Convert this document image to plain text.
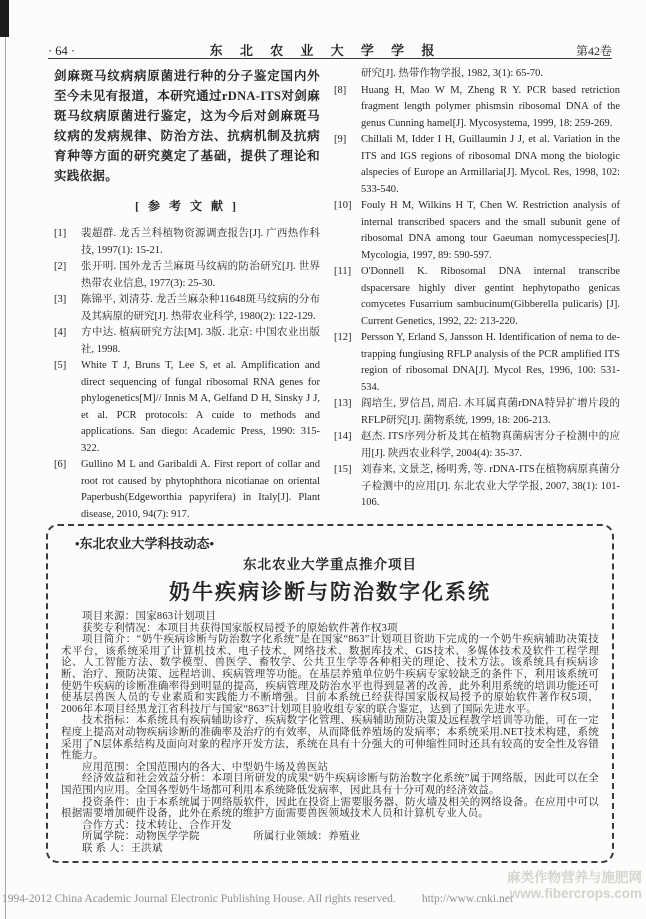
· 64 ·	东 北 农 业 大 学 学 报	第42卷

剑麻斑马纹病病原菌进行种的分子鉴定国内外至今未见有报道，本研究通过rDNA-ITS对剑麻斑马纹病原菌进行鉴定，这为今后对剑麻斑马纹病的发病规律、防治方法、抗病机制及抗病育种等方面的研究奠定了基础，提供了理论和实践依据。

[ 参 考 文 献 ]
[1]	裴超群. 龙舌兰科植物资源调查报告[J]. 广西热作科技, 1997(1): 15-21.
[2]	张开明. 国外龙舌兰麻斑马纹病的防治研究[J]. 世界热带农业信息, 1977(3): 25-30.
[3]	陈锦平, 刘清芬. 龙舌兰麻杂种11648斑马纹病的分布及其病原的研究[J]. 热带农业科学, 1980(2): 122-129.
[4]	方中达. 植病研究方法[M]. 3版. 北京: 中国农业出版社, 1998.
[5]	White T J, Bruns T, Lee S, et al. Amplification and direct sequencing of fungal ribosomal RNA genes for phylogenetics[M]// Innis M A, Gelfand D H, Sinsky J J, et al. PCR protocols: A cuide to methods and applications. San diego: Academic Press, 1990: 315-322.
[6]	Gullino M L and Garibaldi A. First report of collar and root rot caused by phytophthora nicotianae on oriental Paperbush(Edgeworthia papyrifera) in Italy[J]. Plant disease, 2010, 94(7): 917.

研究[J]. 热带作物学报, 1982, 3(1): 65-70.

[8]	Huang H, Mao W M, Zheng R Y. PCR based retriction fragment length polymer phismsin ribosomal DNA of the genus Cunning hamel[J]. Mycosystema, 1999, 18: 259-269.
[9]	Chillali M, Idder I H, Guillaumin J J, et al. Variation in the ITS and IGS regions of ribosomal DNA mong the biologic alspecies of Europe an Armillaria[J]. Mycol. Res, 1998, 102: 533-540.
[10] Fouly H M, Wilkins H T, Chen W. Restriction analysis of internal transcribed spacers and the small subunit gene of ribosomal DNA among tour Gaeuman nomycesspecies[J]. Mycologia, 1997, 89: 590-597.
[11] O'Donnell K. Ribosomal DNA internal transcribe dspacersare highly diver gentint hephytopatho genicas comycetes Fusarrium sambucinum(Gibberella pulicaris) [J]. Current Genetics, 1992, 22: 213-220.
[12] Persson Y, Erland S, Jansson H. Identification of nema to de-trapping fungiusing RFLP analysis of the PCR amplified ITS region of ribosomal DNA[J]. Mycol Res, 1996, 100: 531-534.
[13] 阎培生, 罗信昌, 周启. 木耳属真菌rDNA特异扩增片段的RFLP研究[J]. 菌物系统, 1999, 18: 206-213.
[14] 赵杰. ITS序列分析及其在植物真菌病害分子检测中的应用[J]. 陕西农业科学, 2004(4): 35-37.
[15] 刘春来, 文景芝, 杨明秀, 等. rDNA-ITS在植物病原真菌分子检测中的应用[J]. 东北农业大学学报, 2007, 38(1): 101-106.
•东北农业大学科技动态•
东北农业大学重点推介项目
奶牛疾病诊断与防治数字化系统

项目来源：国家863计划项目

获奖专利情况：本项目共获得国家版权局授予的原始软件著作权3项

项目简介：“奶牛疾病诊断与防治数字化系统”是在国家“863”计划项目资助下完成的一个奶牛疾病辅助决策技术平台，该系统采用了计算机技术、电子技术、网络技术、数据库技术、GIS技术、多媒体技术及软件工程学理论、人工智能方法、数学模型、兽医学、畜牧学、公共卫生学等各种相关的理论、技术方法。该系统具有疾病诊断、治疗、预防决策、远程培训、疾病管理等功能。在基层养殖单位奶牛疾病专家较缺乏的条件下，利用该系统可使奶牛疾病的诊断准确率得到明显的提高，疾病管理及防治水平也得到显著的改善，此外利用系统的培训功能还可使基层兽医人员的专业素质和实践能力不断增强。目前本系统已经获得国家版权局授予的原始软件著作权5项，2006年本项目经黑龙江省科技厅与国家“863”计划项目验收组专家的联合鉴定，达到了国际先进水平。

技术指标：本系统具有疾病辅助诊疗、疾病数字化管理、疾病辅助预防决策及远程教学培训等功能，可在一定程度上提高对动物疾病诊断的准确率及治疗的有效率，从而降低养殖场的发病率；本系统采用.NET技术构建，系统采用了N层体系结构及面向对象的程序开发方法，系统在具有十分强大的可伸缩性同时还具有较高的安全性及容错性能力。

应用范围：全国范围内的各大、中型奶牛场及兽医站

经济效益和社会效益分析：本项目所研发的成果“奶牛疾病诊断与防治数字化系统”属于网络版，因此可以在全国范围内应用。全国各型奶牛场都可利用本系统降低发病率，因此具有十分可观的经济效益。

投资条件：由于本系统属于网络版软件，因此在投资上需要服务器、防火墙及相关的网络设备。在应用中可以根据需要增加硬件设备，此外在系统的维护方面需要兽医领域技术人员和计算机专业人员。

合作方式：技术转让、合作开发

所属学院：动物医学学院　　　　　所属行业领域：养殖业

联 系 人：王洪斌

1994-2012 China Academic Journal Electronic Publishing House. All rights reserved. http://www.cnki.net
麻类作物营养与施肥网
www.fibercrops.com
